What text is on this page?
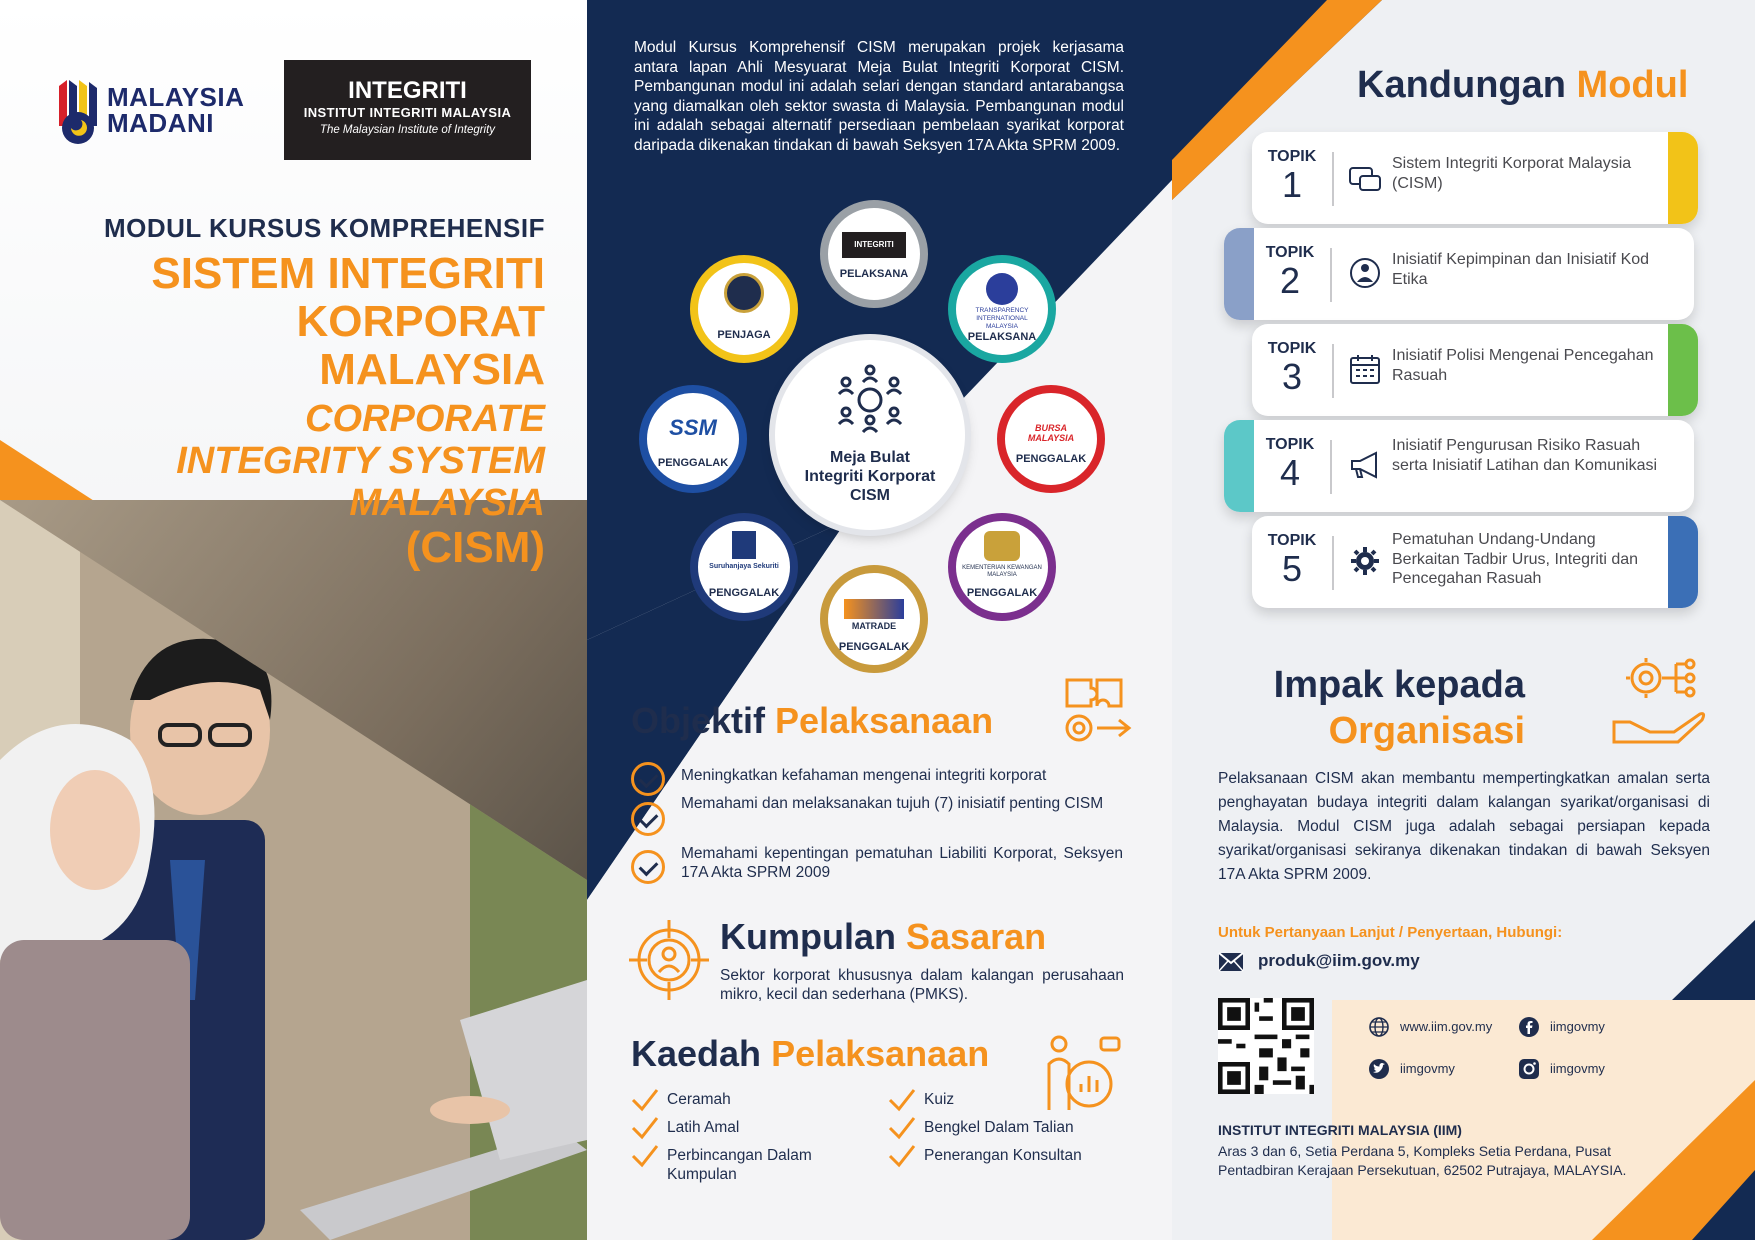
MALAYSIA
MADANI
INTEGRITI
INSTITUT INTEGRITI MALAYSIA
The Malaysian Institute of Integrity
MODUL KURSUS KOMPREHENSIF
SISTEM INTEGRITI
KORPORAT
MALAYSIA
CORPORATE
INTEGRITY SYSTEM
MALAYSIA
(CISM)
Modul Kursus Komprehensif CISM merupakan projek kerjasama antara lapan Ahli Mesyuarat Meja Bulat Integriti Korporat CISM. Pembangunan modul ini adalah selari dengan standard antarabangsa yang diamalkan oleh sektor swasta di Malaysia. Pembangunan modul ini adalah sebagai alternatif persediaan pembelaan syarikat korporat daripada dikenakan tindakan di bawah Seksyen 17A Akta SPRM 2009.
Meja Bulat
Integriti Korporat
CISM
INTEGRITI
PELAKSANA
TRANSPARENCY INTERNATIONAL MALAYSIA
PELAKSANA
BURSA MALAYSIA
PENGGALAK
KEMENTERIAN KEWANGAN MALAYSIA
PENGGALAK
MATRADE
PENGGALAK
Suruhanjaya Sekuriti
PENGGALAK
SSM
PENGGALAK
PENJAGA
Objektif Pelaksanaan
Meningkatkan kefahaman mengenai integriti korporat
Memahami dan melaksanakan tujuh (7) inisiatif penting CISM
Memahami kepentingan pematuhan Liabiliti Korporat, Seksyen 17A Akta SPRM 2009
Kumpulan Sasaran
Sektor korporat khususnya dalam kalangan perusahaan mikro, kecil dan sederhana (PMKS).
Kaedah Pelaksanaan
Ceramah
Latih Amal
Perbincangan Dalam Kumpulan
Kuiz
Bengkel Dalam Talian
Penerangan Konsultan
Kandungan Modul
TOPIK
1
Sistem Integriti Korporat Malaysia (CISM)
TOPIK
2
Inisiatif Kepimpinan dan Inisiatif Kod Etika
TOPIK
3
Inisiatif Polisi Mengenai Pencegahan Rasuah
TOPIK
4
Inisiatif Pengurusan Risiko Rasuah serta Inisiatif Latihan dan Komunikasi
TOPIK
5
Pematuhan Undang-Undang Berkaitan Tadbir Urus, Integriti dan Pencegahan Rasuah
Impak kepada
Organisasi
Pelaksanaan CISM akan membantu mempertingkatkan amalan serta penghayatan budaya integriti dalam kalangan syarikat/organisasi di Malaysia. Modul CISM juga adalah sebagai persiapan kepada syarikat/organisasi sekiranya dikenakan tindakan di bawah Seksyen 17A Akta SPRM 2009.
Untuk Pertanyaan Lanjut / Penyertaan, Hubungi:
produk@iim.gov.my
www.iim.gov.my	iimgovmy
iimgovmy	iimgovmy
INSTITUT INTEGRITI MALAYSIA (IIM)
Aras 3 dan 6, Setia Perdana 5, Kompleks Setia Perdana, Pusat Pentadbiran Kerajaan Persekutuan, 62502 Putrajaya, MALAYSIA.
